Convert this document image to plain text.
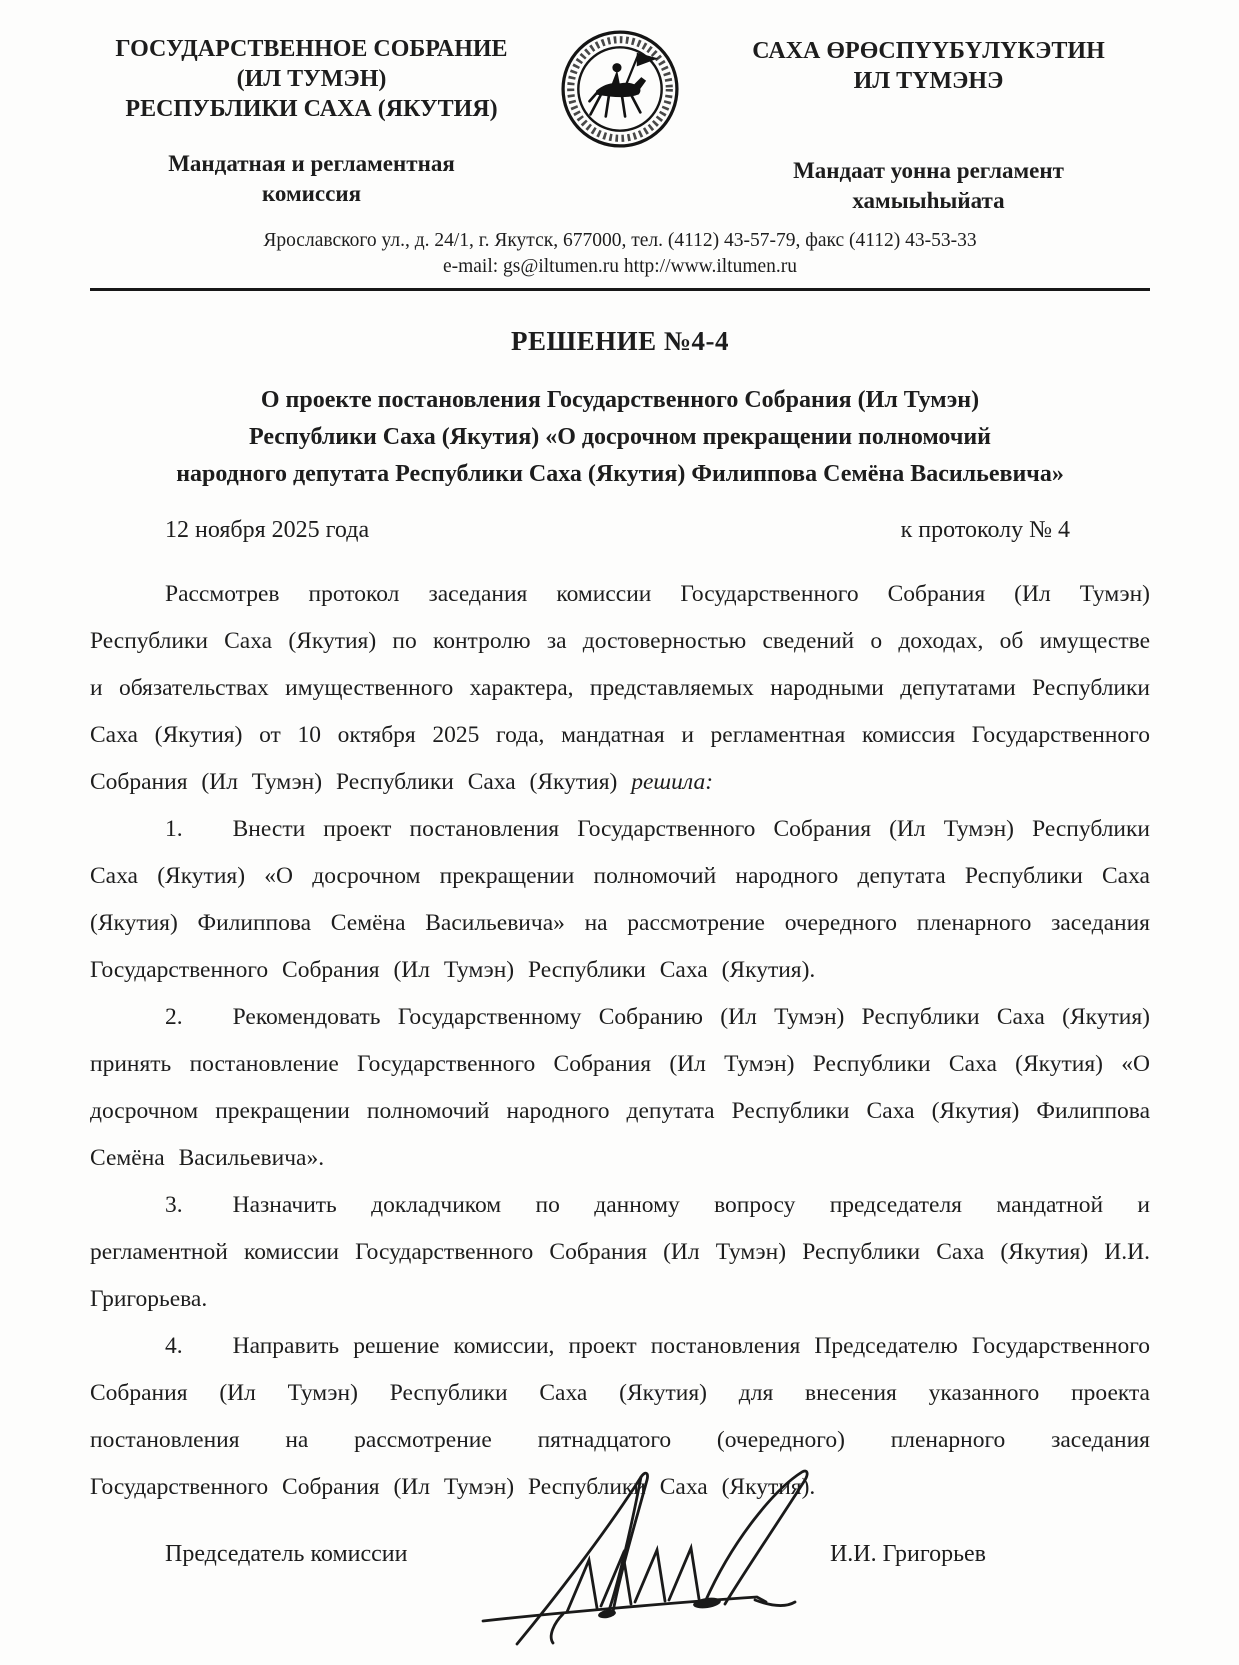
ГОСУДАРСТВЕННОЕ СОБРАНИЕ
(ИЛ ТУМЭН)
РЕСПУБЛИКИ САХА (ЯКУТИЯ)
Мандатная и регламентная
комиссия
САХА ӨРӨСПҮҮБҮЛҮКЭТИН
ИЛ ТҮМЭНЭ
Мандаат уонна регламент
хамыыһыйата
Ярославского ул., д. 24/1, г. Якутск, 677000, тел. (4112) 43-57-79, факс (4112) 43-53-33
e-mail: gs@iltumen.ru http://www.iltumen.ru
РЕШЕНИЕ №4-4
О проекте постановления Государственного Собрания (Ил Тумэн)
Республики Саха (Якутия) «О досрочном прекращении полномочий
народного депутата Республики Саха (Якутия) Филиппова Семёна Васильевича»
12 ноября 2025 года	к протоколу № 4

Рассмотрев протокол заседания комиссии Государственного Собрания (Ил Тумэн) Республики Саха (Якутия) по контролю за достоверностью сведений о доходах, об имуществе и обязательствах имущественного характера, представляемых народными депутатами Республики Саха (Якутия) от 10 октября 2025 года, мандатная и регламентная комиссия Государственного Собрания (Ил Тумэн) Республики Саха (Якутия) решила:

1. Внести проект постановления Государственного Собрания (Ил Тумэн) Республики Саха (Якутия) «О досрочном прекращении полномочий народного депутата Республики Саха (Якутия) Филиппова Семёна Васильевича» на рассмотрение очередного пленарного заседания Государственного Собрания (Ил Тумэн) Республики Саха (Якутия).

2. Рекомендовать Государственному Собранию (Ил Тумэн) Республики Саха (Якутия) принять постановление Государственного Собрания (Ил Тумэн) Республики Саха (Якутия) «О досрочном прекращении полномочий народного депутата Республики Саха (Якутия) Филиппова Семёна Васильевича».

3. Назначить докладчиком по данному вопросу председателя мандатной и регламентной комиссии Государственного Собрания (Ил Тумэн) Республики Саха (Якутия) И.И. Григорьева.

4. Направить решение комиссии, проект постановления Председателю Государственного Собрания (Ил Тумэн) Республики Саха (Якутия) для внесения указанного проекта постановления на рассмотрение пятнадцатого (очередного) пленарного заседания Государственного Собрания (Ил Тумэн) Республики Саха (Якутия).

Председатель комиссии	И.И. Григорьев
